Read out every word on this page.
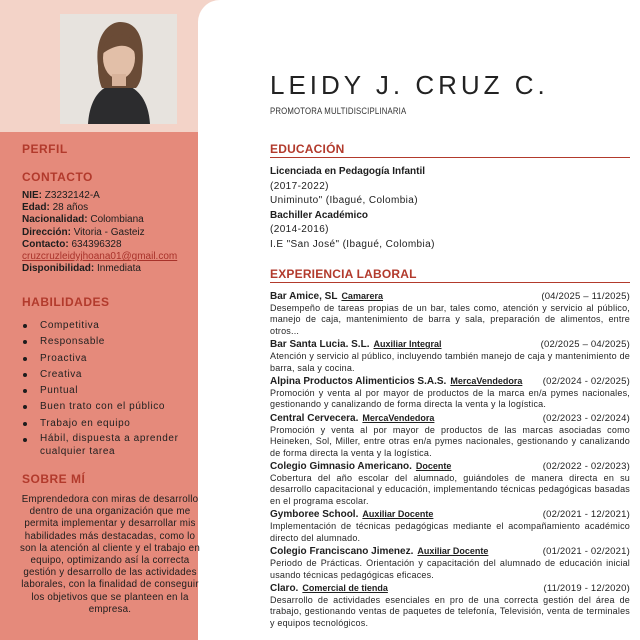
PERFIL
CONTACTO
NIE: Z3232142-A
Edad: 28 años
Nacionalidad: Colombiana
Dirección: Vitoria - Gasteiz
Contacto: 634396328
cruzcruzleidyjhoana01@gmail.com
Disponibilidad: Inmediata
HABILIDADES
Competitiva
Responsable
Proactiva
Creativa
Puntual
Buen trato con el público
Trabajo en equipo
Hábil, dispuesta a aprender cualquier tarea
SOBRE MÍ
Emprendedora con miras de desarrollo dentro de una organización que me permita implementar y desarrollar mis habilidades más destacadas, como lo son la atención al cliente y el trabajo en equipo, optimizando así la correcta gestión y desarrollo de las actividades laborales, con la finalidad de conseguir los objetivos que se planteen en la empresa.
LEIDY J. CRUZ C.
PROMOTORA MULTIDISCIPLINARIA
EDUCACIÓN
Licenciada en Pedagogía Infantil
(2017-2022)
Uniminuto" (Ibagué, Colombia)
Bachiller Académico
(2014-2016)
I.E "San José" (Ibagué, Colombia)
EXPERIENCIA LABORAL
Bar Amice, SL Camarera	(04/2025 – 11/2025)
Desempeño de tareas propias de un bar, tales como, atención y servicio al público, manejo de caja, mantenimiento de barra y sala, preparación de alimentos, entre otros...
Bar Santa Lucia. S.L. Auxiliar Integral	(02/2025 – 04/2025)
Atención y servicio al público, incluyendo también manejo de caja y mantenimiento de barra, sala y cocina.
Alpina Productos Alimenticios S.A.S. MercaVendedora (02/2024 - 02/2025)
Promoción y venta al por mayor de productos de la marca en/a pymes nacionales, gestionando y canalizando de forma directa la venta y la logística.
Central Cervecera. MercaVendedora	(02/2023 - 02/2024)
Promoción y venta al por mayor de productos de las marcas asociadas como Heineken, Sol, Miller, entre otras en/a pymes nacionales, gestionando y canalizando de forma directa la venta y la logística.
Colegio Gimnasio Americano. Docente	(02/2022 - 02/2023)
Cobertura del año escolar del alumnado, guiándoles de manera directa en su desarrollo capacitacional y educación, implementando técnicas pedagógicas basadas en el programa escolar.
Gymboree School. Auxiliar Docente	(02/2021 - 12/2021)
Implementación de técnicas pedagógicas mediante el acompañamiento académico directo del alumnado.
Colegio Franciscano Jimenez. Auxiliar Docente	(01/2021 - 02/2021)
Periodo de Prácticas. Orientación y capacitación del alumnado de educación inicial usando técnicas pedagógicas eficaces.
Claro. Comercial de tienda	(11/2019 - 12/2020)
Desarrollo de actividades esenciales en pro de una correcta gestión del área de trabajo, gestionando ventas de paquetes de telefonía, Televisión, venta de terminales y equipos tecnológicos.
